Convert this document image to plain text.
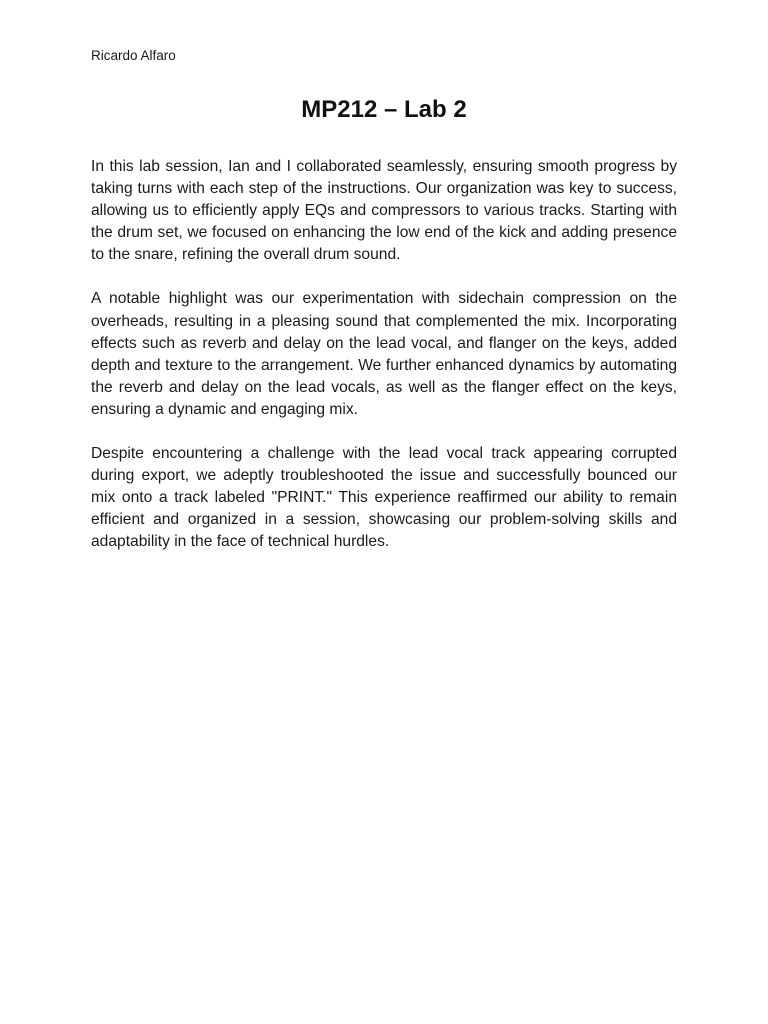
Ricardo Alfaro
MP212 – Lab 2

In this lab session, Ian and I collaborated seamlessly, ensuring smooth progress by taking turns with each step of the instructions. Our organization was key to success, allowing us to efficiently apply EQs and compressors to various tracks. Starting with the drum set, we focused on enhancing the low end of the kick and adding presence to the snare, refining the overall drum sound.

A notable highlight was our experimentation with sidechain compression on the overheads, resulting in a pleasing sound that complemented the mix. Incorporating effects such as reverb and delay on the lead vocal, and flanger on the keys, added depth and texture to the arrangement. We further enhanced dynamics by automating the reverb and delay on the lead vocals, as well as the flanger effect on the keys, ensuring a dynamic and engaging mix.

Despite encountering a challenge with the lead vocal track appearing corrupted during export, we adeptly troubleshooted the issue and successfully bounced our mix onto a track labeled "PRINT." This experience reaffirmed our ability to remain efficient and organized in a session, showcasing our problem-solving skills and adaptability in the face of technical hurdles.
